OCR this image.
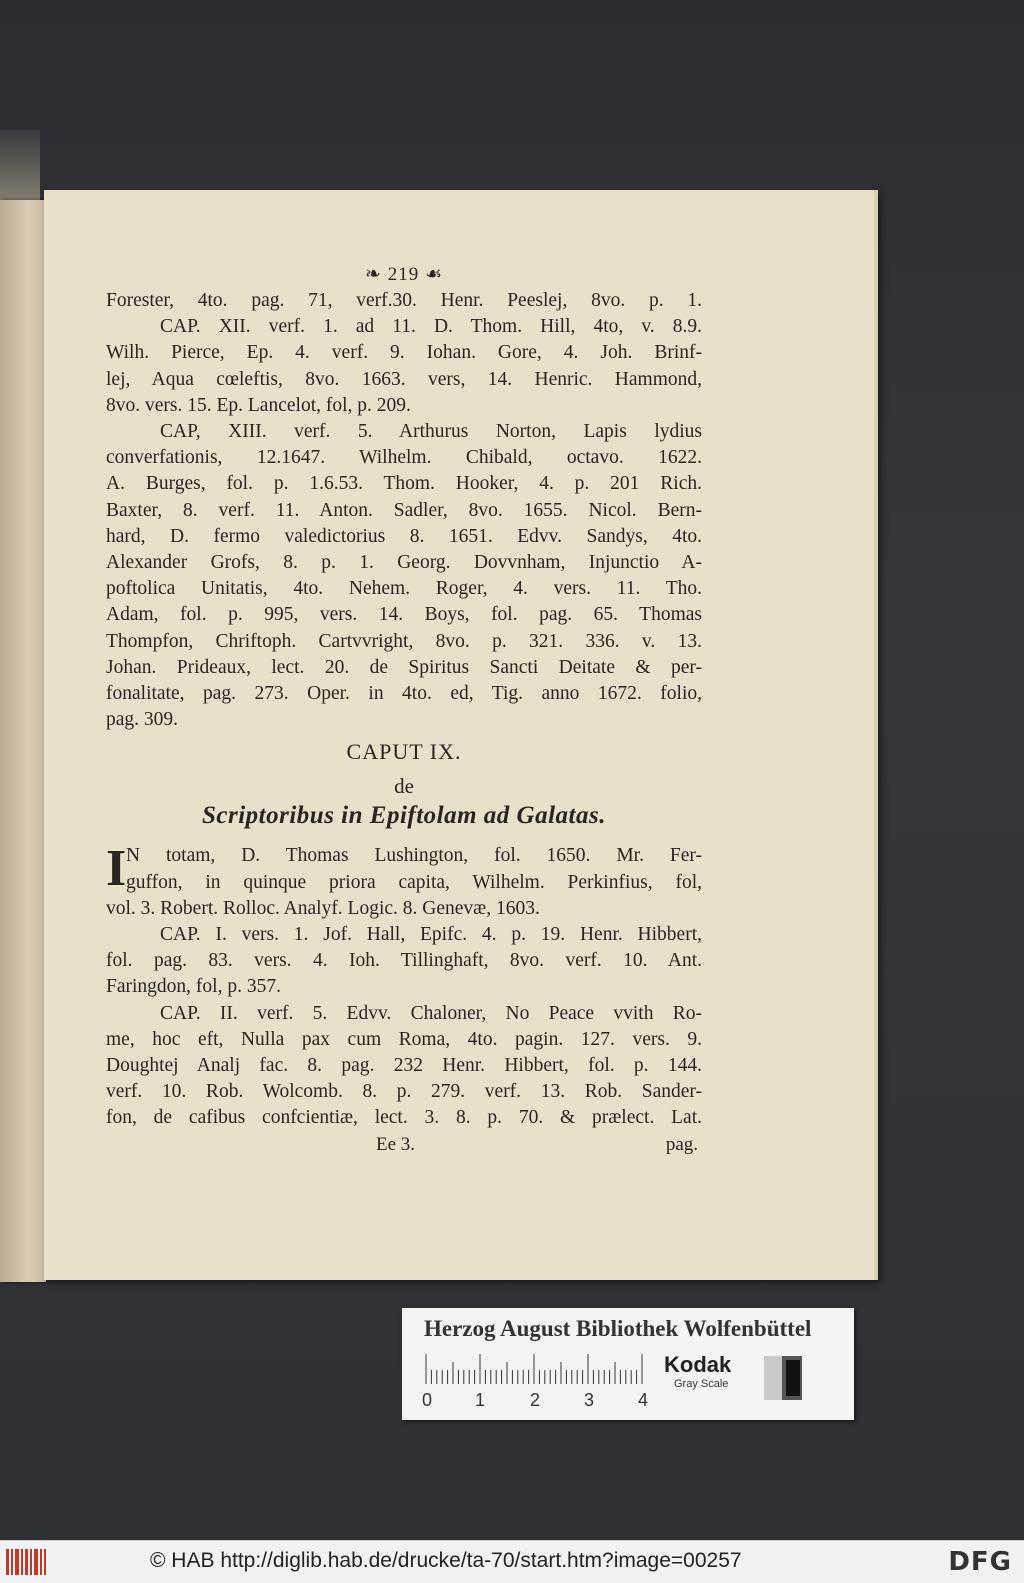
❧ 219 ☙
Forester, 4to. pag. 71, verf.30. Henr. Peeslej, 8vo. p. 1.
CAP. XII. verf. 1. ad 11. D. Thom. Hill, 4to, v. 8.9.
Wilh. Pierce, Ep. 4. verf. 9. Iohan. Gore, 4. Joh. Brinf-
lej, Aqua cœleftis, 8vo. 1663. vers, 14. Henric. Hammond,
8vo. vers. 15. Ep. Lancelot, fol, p. 209.
CAP, XIII. verf. 5. Arthurus Norton, Lapis lydius
converfationis, 12.1647. Wilhelm. Chibald, octavo. 1622.
A. Burges, fol. p. 1.6.53. Thom. Hooker, 4. p. 201 Rich.
Baxter, 8. verf. 11. Anton. Sadler, 8vo. 1655. Nicol. Bern-
hard, D. fermo valedictorius 8. 1651. Edvv. Sandys, 4to.
Alexander Grofs, 8. p. 1. Georg. Dovvnham, Injunctio A-
poftolica Unitatis, 4to. Nehem. Roger, 4. vers. 11. Tho.
Adam, fol. p. 995, vers. 14. Boys, fol. pag. 65. Thomas
Thompfon, Chriftoph. Cartvvright, 8vo. p. 321. 336. v. 13.
Johan. Prideaux, lect. 20. de Spiritus Sancti Deitate & per-
fonalitate, pag. 273. Oper. in 4to. ed, Tig. anno 1672. folio,
pag. 309.
CAPUT IX.
de
Scriptoribus in Epiftolam ad Galatas.
I N totam, D. Thomas Lushington, fol. 1650. Mr. Fer-
guffon, in quinque priora capita, Wilhelm. Perkinfius, fol,
vol. 3. Robert. Rolloc. Analyf. Logic. 8. Genevæ, 1603.
CAP. I. vers. 1. Jof. Hall, Epifc. 4. p. 19. Henr. Hibbert,
fol. pag. 83. vers. 4. Ioh. Tillinghaft, 8vo. verf. 10. Ant.
Faringdon, fol, p. 357.
CAP. II. verf. 5. Edvv. Chaloner, No Peace vvith Ro-
me, hoc eft, Nulla pax cum Roma, 4to. pagin. 127. vers. 9.
Doughtej Analj fac. 8. pag. 232 Henr. Hibbert, fol. p. 144.
verf. 10. Rob. Wolcomb. 8. p. 279. verf. 13. Rob. Sander-
fon, de cafibus confcientiæ, lect. 3. 8. p. 70. & prælect. Lat.
Ee 3.	pag.
Herzog August Bibliothek Wolfenbüttel
0 1 2 3 4
Kodak
Gray Scale
© HAB http://diglib.hab.de/drucke/ta-70/start.htm?image=00257	DFG
